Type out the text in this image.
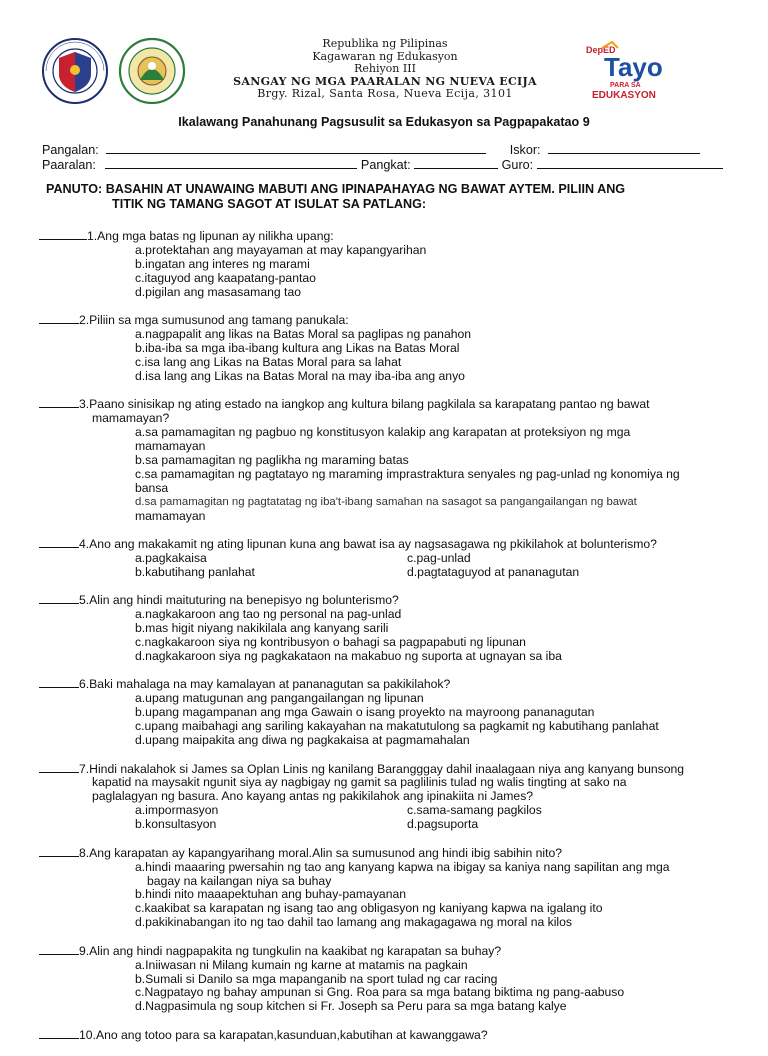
Republika ng Pilipinas
Kagawaran ng Edukasyon
Rehiyon III
SANGAY NG MGA PAARALAN NG NUEVA ECIJA
Brgy. Rizal, Santa Rosa, Nueva Ecija, 3101
DepED
Tayo
PARA SA
EDUKASYON
Ikalawang Panahunang Pagsusulit sa Edukasyon sa Pagpapakatao 9
Pangalan:	Iskor:
Paaralan:	Pangkat:	Guro:
PANUTO: BASAHIN AT UNAWAING MABUTI ANG IPINAPAHAYAG NG BAWAT AYTEM. PILIIN ANG
TITIK NG TAMANG SAGOT AT ISULAT SA PATLANG:
1.Ang mga batas ng lipunan ay nilikha upang:
a.protektahan ang mayayaman at may kapangyarihan
b.ingatan ang interes ng marami
c.itaguyod ang kaapatang-pantao
d.pigilan ang masasamang tao
2.Piliin sa mga sumusunod ang tamang panukala:
a.nagpapalit ang likas na Batas Moral sa paglipas ng panahon
b.iba-iba sa mga iba-ibang kultura ang Likas na Batas Moral
c.isa lang ang Likas na Batas Moral para sa lahat
d.isa lang ang Likas na Batas Moral na may iba-iba ang anyo
3.Paano sinisikap ng ating estado na iangkop ang kultura bilang pagkilala sa karapatang pantao ng bawat
mamamayan?
a.sa pamamagitan ng pagbuo ng konstitusyon kalakip ang karapatan at proteksiyon ng mga
mamamayan
b.sa pamamagitan ng paglikha ng maraming batas
c.sa pamamagitan ng pagtatayo ng maraming imprastraktura senyales ng pag-unlad ng konomiya ng
bansa
d.sa pamamagitan ng pagtatatag ng iba't-ibang samahan na sasagot sa pangangailangan ng bawat
mamamayan
4.Ano ang makakamit ng ating lipunan kuna ang bawat isa ay nagsasagawa ng pkikilahok at bolunterismo?
a.pagkakaisa	c.pag-unlad
b.kabutihang panlahat	d.pagtataguyod at pananagutan
5.Alin ang hindi maituturing na benepisyo ng bolunterismo?
a.nagkakaroon ang tao ng personal na pag-unlad
b.mas higit niyang nakikilala ang kanyang sarili
c.nagkakaroon siya ng kontribusyon o bahagi sa pagpapabuti ng lipunan
d.nagkakaroon siya ng pagkakataon na makabuo ng suporta at ugnayan sa iba
6.Baki mahalaga na may kamalayan at pananagutan sa pakikilahok?
a.upang matugunan ang pangangailangan ng lipunan
b.upang magampanan ang mga Gawain o isang proyekto na mayroong pananagutan
c.upang maibahagi ang sariling kakayahan na makatutulong sa pagkamit ng kabutihang panlahat
d.upang maipakita ang diwa ng pagkakaisa at pagmamahalan
7.Hindi nakalahok si James sa Oplan Linis ng kanilang Barangggay dahil inaalagaan niya ang kanyang bunsong
kapatid na maysakit ngunit siya ay nagbigay ng gamit sa paglilinis tulad ng walis tingting at sako na
paglalagyan ng basura. Ano kayang antas ng pakikilahok ang ipinakiita ni James?
a.impormasyon	c.sama-samang pagkilos
b.konsultasyon	d.pagsuporta
8.Ang karapatan ay kapangyarihang moral.Alin sa sumusunod ang hindi ibig sabihin nito?
a.hindi maaaring pwersahin ng tao ang kanyang kapwa na ibigay sa kaniya nang sapilitan ang mga
bagay na kailangan niya sa buhay
b.hindi nito maaapektuhan ang buhay-pamayanan
c.kaakibat sa karapatan ng isang tao ang obligasyon ng kaniyang kapwa na igalang ito
d.pakikinabangan ito ng tao dahil tao lamang ang makagagawa ng moral na kilos
9.Alin ang hindi nagpapakita ng tungkulin na kaakibat ng karapatan sa buhay?
a.Iniiwasan ni Milang kumain ng karne at matamis na pagkain
b.Sumali si Danilo sa mga mapanganib na sport tulad ng car racing
c.Nagpatayo ng bahay ampunan si Gng. Roa para sa mga batang biktima ng pang-aabuso
d.Nagpasimula ng soup kitchen si Fr. Joseph sa Peru para sa mga batang kalye
10.Ano ang totoo para sa karapatan,kasunduan,kabutihan at kawanggawa?
